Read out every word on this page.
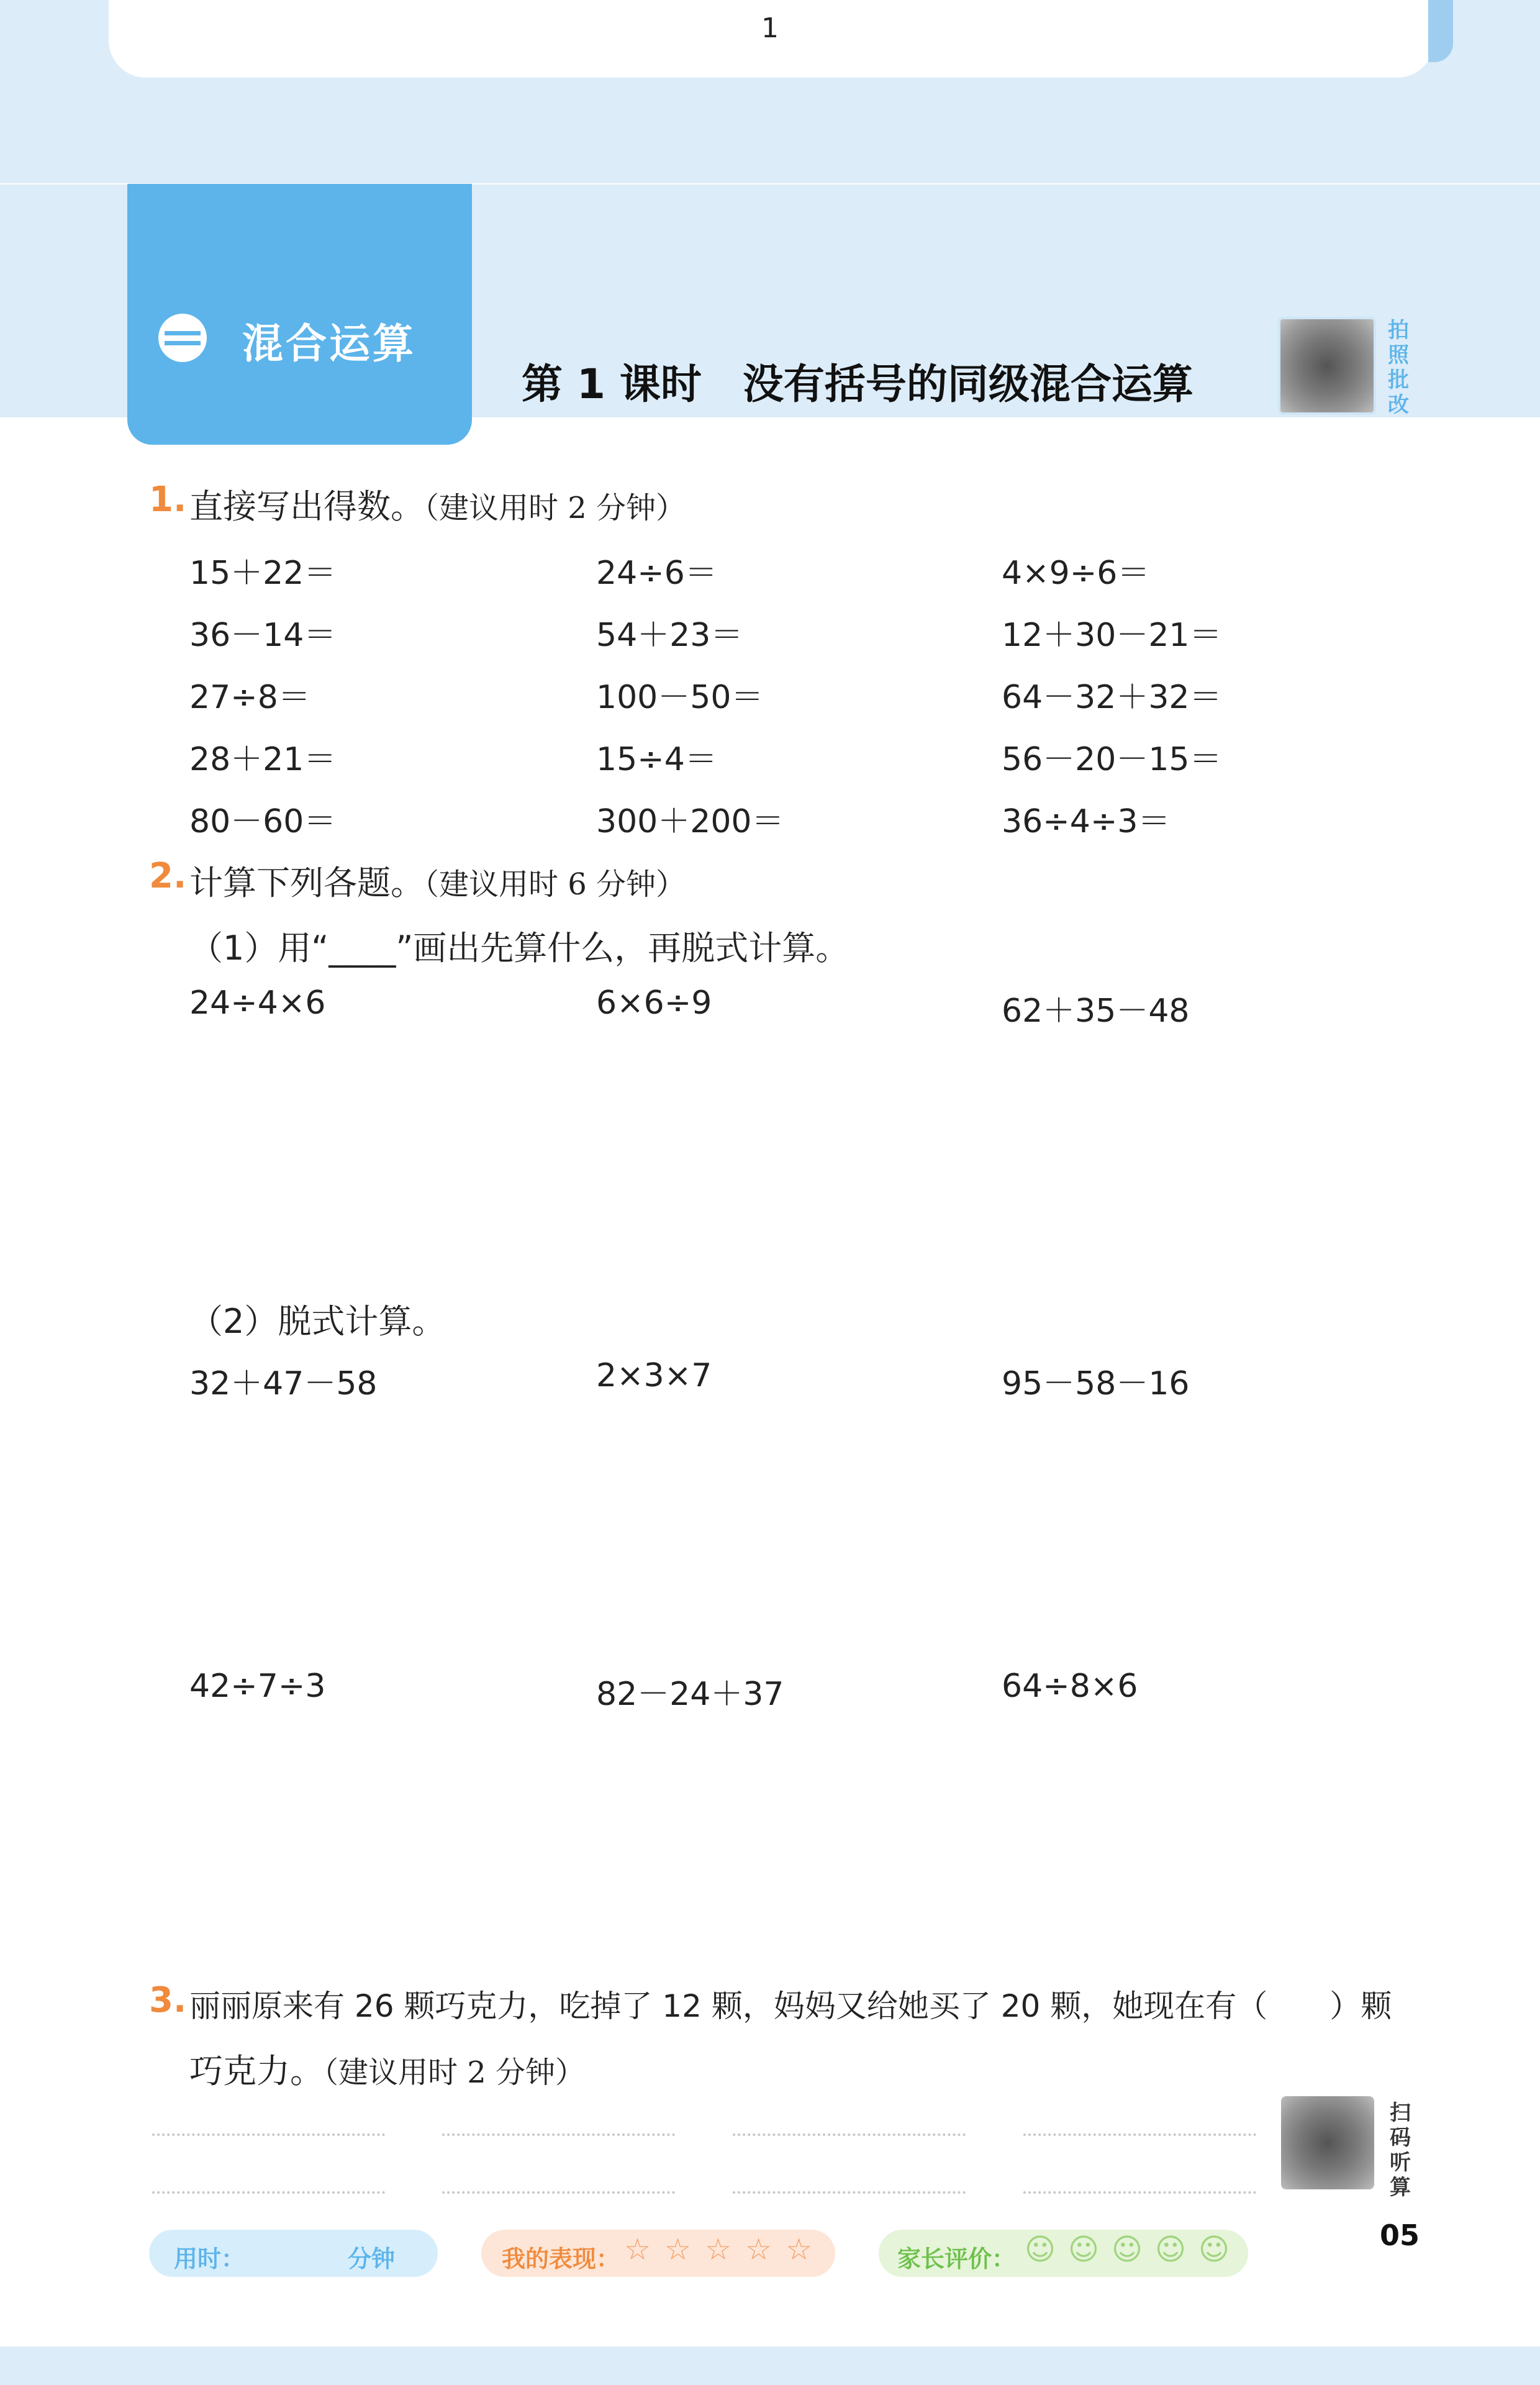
1
混合运算
第 1 课时　没有括号的同级混合运算
拍照批改
1. 直接写出得数。（建议用时 2 分钟）
15＋22＝	24÷6＝	4×9÷6＝
36－14＝	54＋23＝	12＋30－21＝
27÷8＝	100－50＝	64－32＋32＝
28＋21＝	15÷4＝	56－20－15＝
80－60＝	300＋200＝	36÷4÷3＝
2. 计算下列各题。（建议用时 6 分钟）
（1）用“____”画出先算什么，再脱式计算。
24÷4×6	6×6÷9	62＋35－48
（2）脱式计算。
32＋47－58	2×3×7	95－58－16
42÷7÷3	82－24＋37	64÷8×6
3. 丽丽原来有 26 颗巧克力，吃掉了 12 颗，妈妈又给她买了 20 颗，她现在有（　　）颗
巧克力。（建议用时 2 分钟）
扫码听算
用时：	分钟	我的表现： ☆ ☆ ☆ ☆ ☆	家长评价： ☺ ☺ ☺ ☺ ☺	05
